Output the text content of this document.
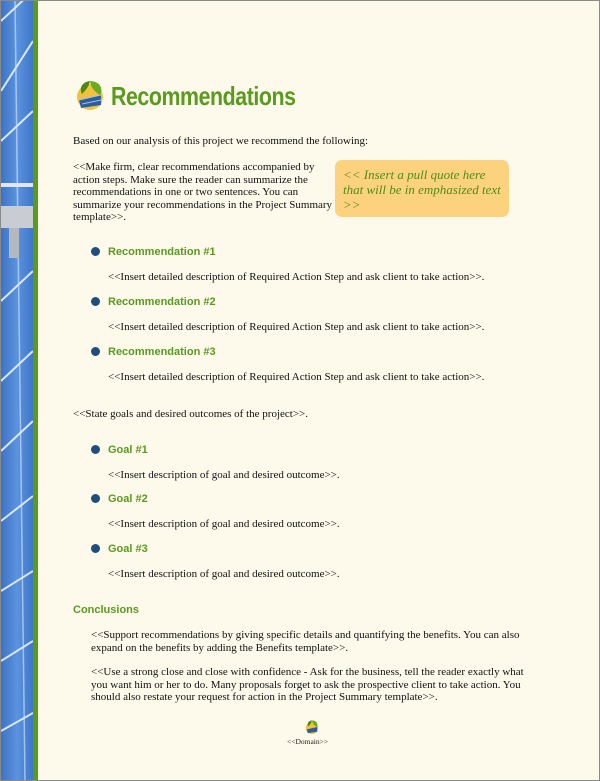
Recommendations
Based on our analysis of this project we recommend the following:
<<Make firm, clear recommendations accompanied by action steps. Make sure the reader can summarize the recommendations in one or two sentences. You can summarize your recommendations in the Project Summary template>>.
<< Insert a pull quote here that will be in emphasized text >>
Recommendation #1
<<Insert detailed description of Required Action Step and ask client to take action>>.
Recommendation #2
<<Insert detailed description of Required Action Step and ask client to take action>>.
Recommendation #3
<<Insert detailed description of Required Action Step and ask client to take action>>.
<<State goals and desired outcomes of the project>>.
Goal #1
<<Insert description of goal and desired outcome>>.
Goal #2
<<Insert description of goal and desired outcome>>.
Goal #3
<<Insert description of goal and desired outcome>>.
Conclusions
<<Support recommendations by giving specific details and quantifying the benefits. You can also expand on the benefits by adding the Benefits template>>.
<<Use a strong close and close with confidence - Ask for the business, tell the reader exactly what you want him or her to do. Many proposals forget to ask the prospective client to take action. You should also restate your request for action in the Project Summary template>>.
<<Domain>>
